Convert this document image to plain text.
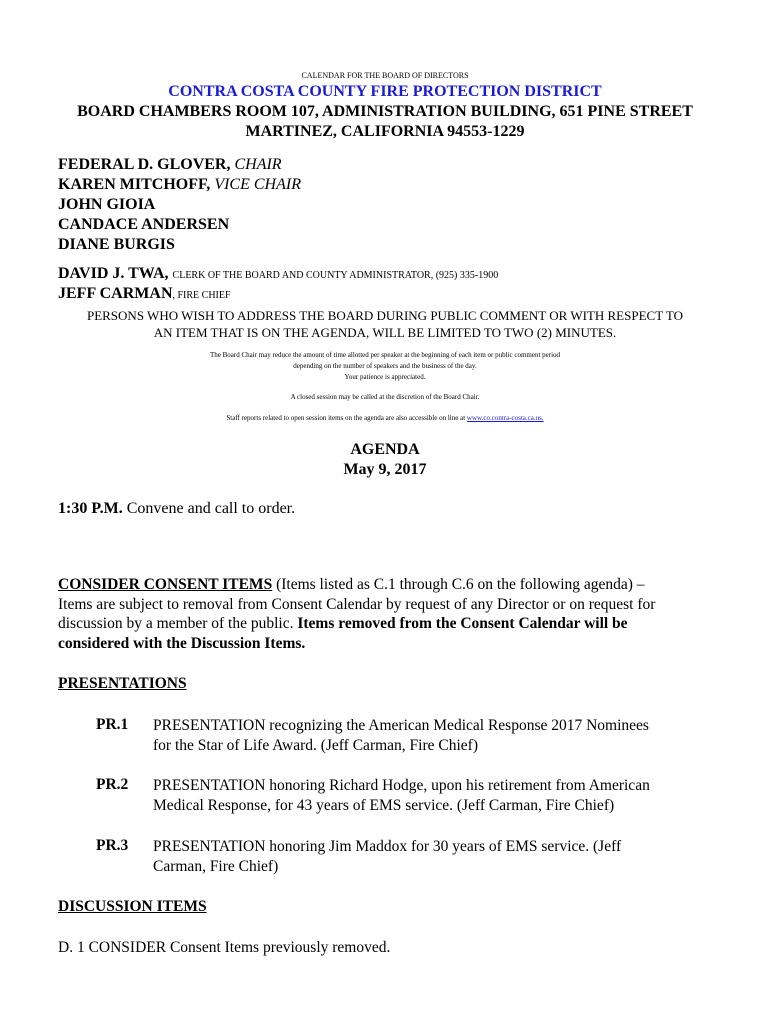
CALENDAR FOR THE BOARD OF DIRECTORS
CONTRA COSTA COUNTY FIRE PROTECTION DISTRICT
BOARD CHAMBERS ROOM 107, ADMINISTRATION BUILDING, 651 PINE STREET
MARTINEZ, CALIFORNIA 94553-1229
FEDERAL D. GLOVER, CHAIR
KAREN MITCHOFF, VICE CHAIR
JOHN GIOIA
CANDACE ANDERSEN
DIANE BURGIS
DAVID J. TWA, CLERK OF THE BOARD AND COUNTY ADMINISTRATOR, (925) 335-1900
JEFF CARMAN, FIRE CHIEF
PERSONS WHO WISH TO ADDRESS THE BOARD DURING PUBLIC COMMENT OR WITH RESPECT TO
AN ITEM THAT IS ON THE AGENDA, WILL BE LIMITED TO TWO (2) MINUTES.
The Board Chair may reduce the amount of time allotted per speaker at the beginning of each item or public comment period
depending on the number of speakers and the business of the day.
Your patience is appreciated.
A closed session may be called at the discretion of the Board Chair.
Staff reports related to open session items on the agenda are also accessible on line at www.co.contra-costa.ca.us.
AGENDA
May 9, 2017
1:30 P.M. Convene and call to order.
CONSIDER CONSENT ITEMS (Items listed as C.1 through C.6 on the following agenda) –
Items are subject to removal from Consent Calendar by request of any Director or on request for
discussion by a member of the public. Items removed from the Consent Calendar will be
considered with the Discussion Items.
PRESENTATIONS
PR.1 PRESENTATION recognizing the American Medical Response 2017 Nominees
for the Star of Life Award. (Jeff Carman, Fire Chief)
PR.2 PRESENTATION honoring Richard Hodge, upon his retirement from American
Medical Response, for 43 years of EMS service. (Jeff Carman, Fire Chief)
PR.3 PRESENTATION honoring Jim Maddox for 30 years of EMS service. (Jeff
Carman, Fire Chief)
DISCUSSION ITEMS
D. 1 CONSIDER Consent Items previously removed.
